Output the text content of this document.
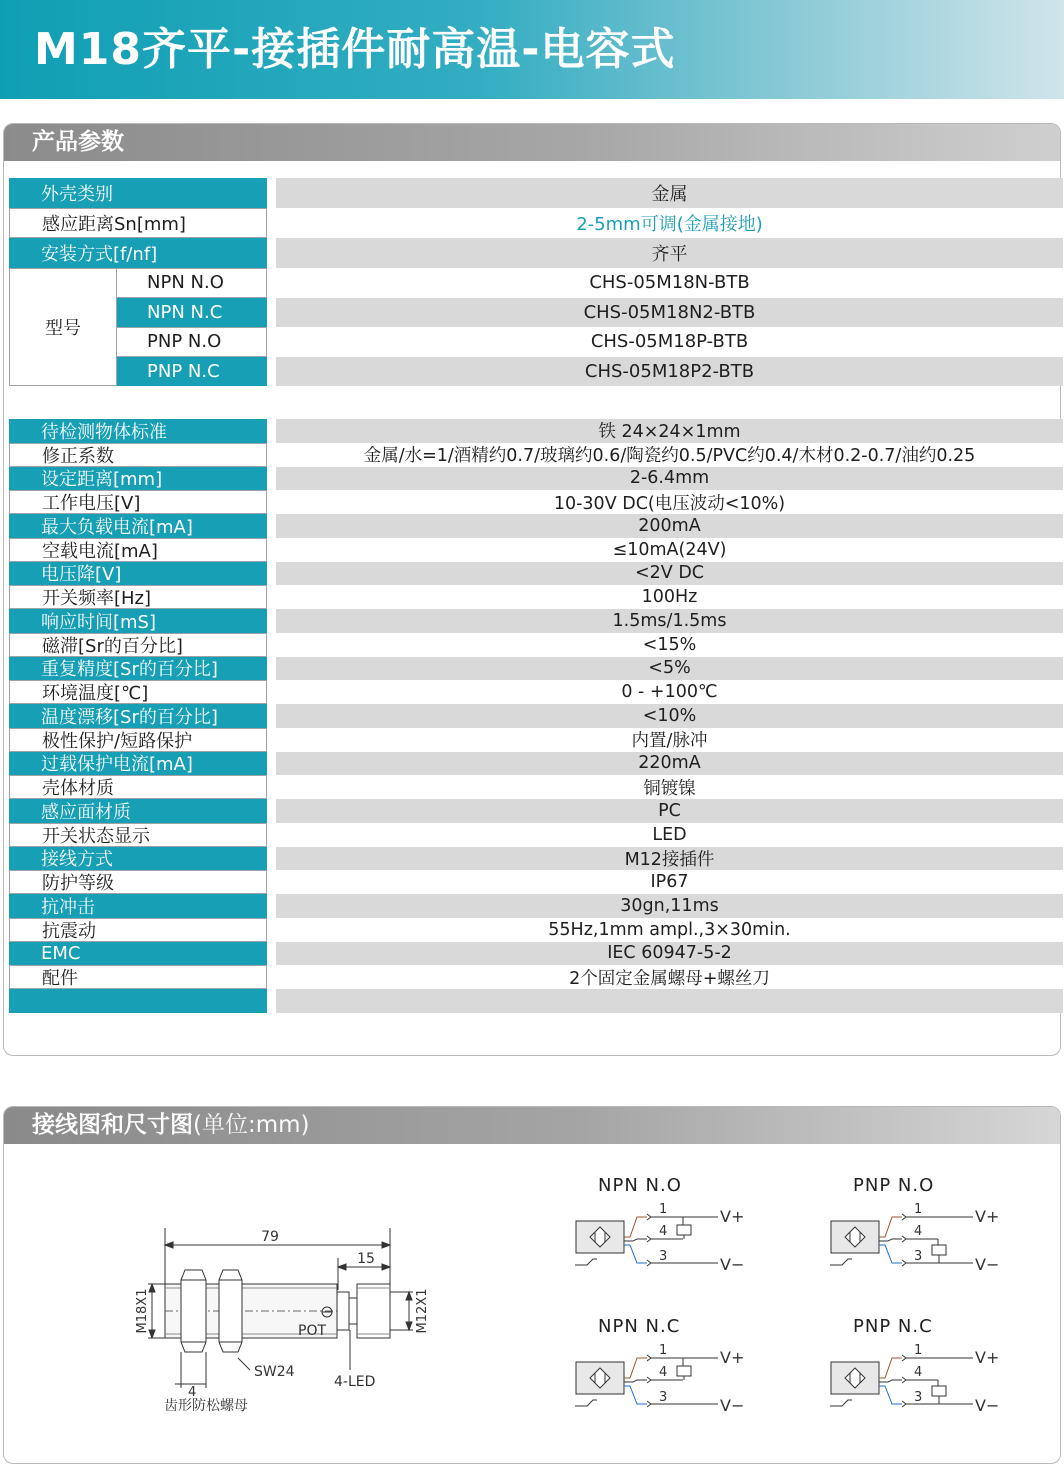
M18齐平-接插件耐高温-电容式
产品参数
外壳类别	金属
感应距离Sn[mm]	2-5mm可调(金属接地)
安装方式[f/nf]	齐平
型号
NPN N.O	CHS-05M18N-BTB
NPN N.C	CHS-05M18N2-BTB
PNP N.O	CHS-05M18P-BTB
PNP N.C	CHS-05M18P2-BTB
待检测物体标准	铁 24×24×1mm
修正系数	金属/水=1/酒精约0.7/玻璃约0.6/陶瓷约0.5/PVC约0.4/木材0.2-0.7/油约0.25
设定距离[mm]	2-6.4mm
工作电压[V]	10-30V DC(电压波动<10%)
最大负载电流[mA]	200mA
空载电流[mA]	≤10mA(24V)
电压降[V]	<2V DC
开关频率[Hz]	100Hz
响应时间[mS]	1.5ms/1.5ms
磁滞[Sr的百分比]	<15%
重复精度[Sr的百分比]	<5%
环境温度[℃]	0 - +100℃
温度漂移[Sr的百分比]	<10%
极性保护/短路保护	内置/脉冲
过载保护电流[mA]	220mA
壳体材质	铜镀镍
感应面材质	PC
开关状态显示	LED
接线方式	M12接插件
防护等级	IP67
抗冲击	30gn,11ms
抗震动	55Hz,1mm ampl.,3×30min.
EMC	IEC 60947-5-2
配件	2个固定金属螺母+螺丝刀
接线图和尺寸图(单位:mm)
79
15
M18X1	M12X1
POT
SW24
4
4-LED
齿形防松螺母
NPN N.O
1
4
3
V+
V−
PNP N.O
1
4
3
V+
V−
NPN N.C
1
4
3
V+
V−
PNP N.C
1
4
3
V+
V−
